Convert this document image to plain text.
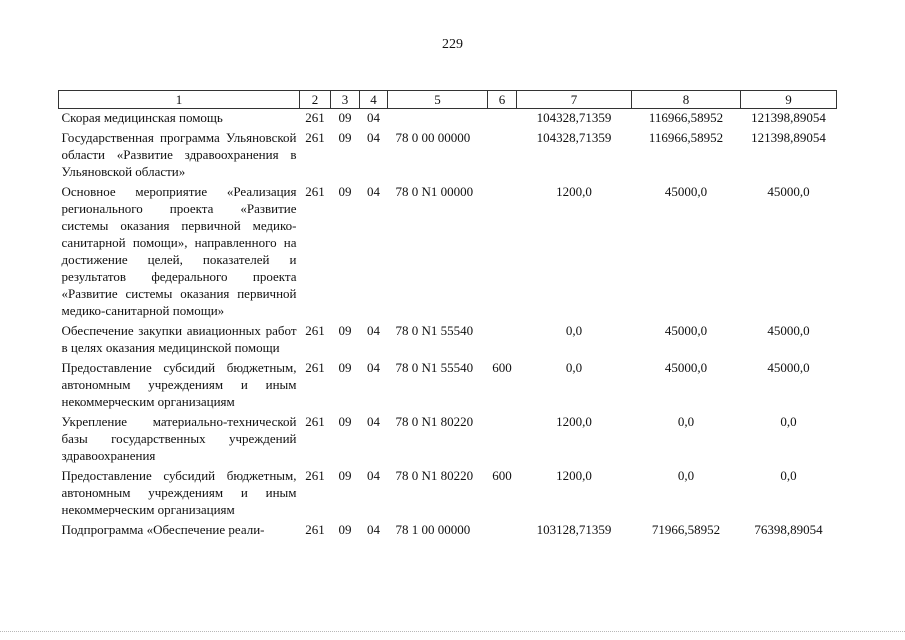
229
1	2	3	4	5	6	7	8	9
Скорая медицинская помощь	261	09	04			104328,71359	116966,58952	121398,89054
Государственная программа Ульяновской области «Развитие здравоохранения в Ульяновской области»	261	09	04	78 0 00 00000		104328,71359	116966,58952	121398,89054
Основное мероприятие «Реализация регионального проекта «Развитие системы оказания первичной медико-санитарной помощи», направленного на достижение целей, показателей и результатов федерального проекта «Развитие системы оказания первичной медико-санитарной помощи»	261	09	04	78 0 N1 00000		1200,0	45000,0	45000,0
Обеспечение закупки авиационных работ в целях оказания медицинской помощи	261	09	04	78 0 N1 55540		0,0	45000,0	45000,0
Предоставление субсидий бюджетным, автономным учреждениям и иным некоммерческим организациям	261	09	04	78 0 N1 55540	600	0,0	45000,0	45000,0
Укрепление материально-технической базы государственных учреждений здравоохранения	261	09	04	78 0 N1 80220		1200,0	0,0	0,0
Предоставление субсидий бюджетным, автономным учреждениям и иным некоммерческим организациям	261	09	04	78 0 N1 80220	600	1200,0	0,0	0,0
Подпрограмма «Обеспечение реали-	261	09	04	78 1 00 00000		103128,71359	71966,58952	76398,89054
